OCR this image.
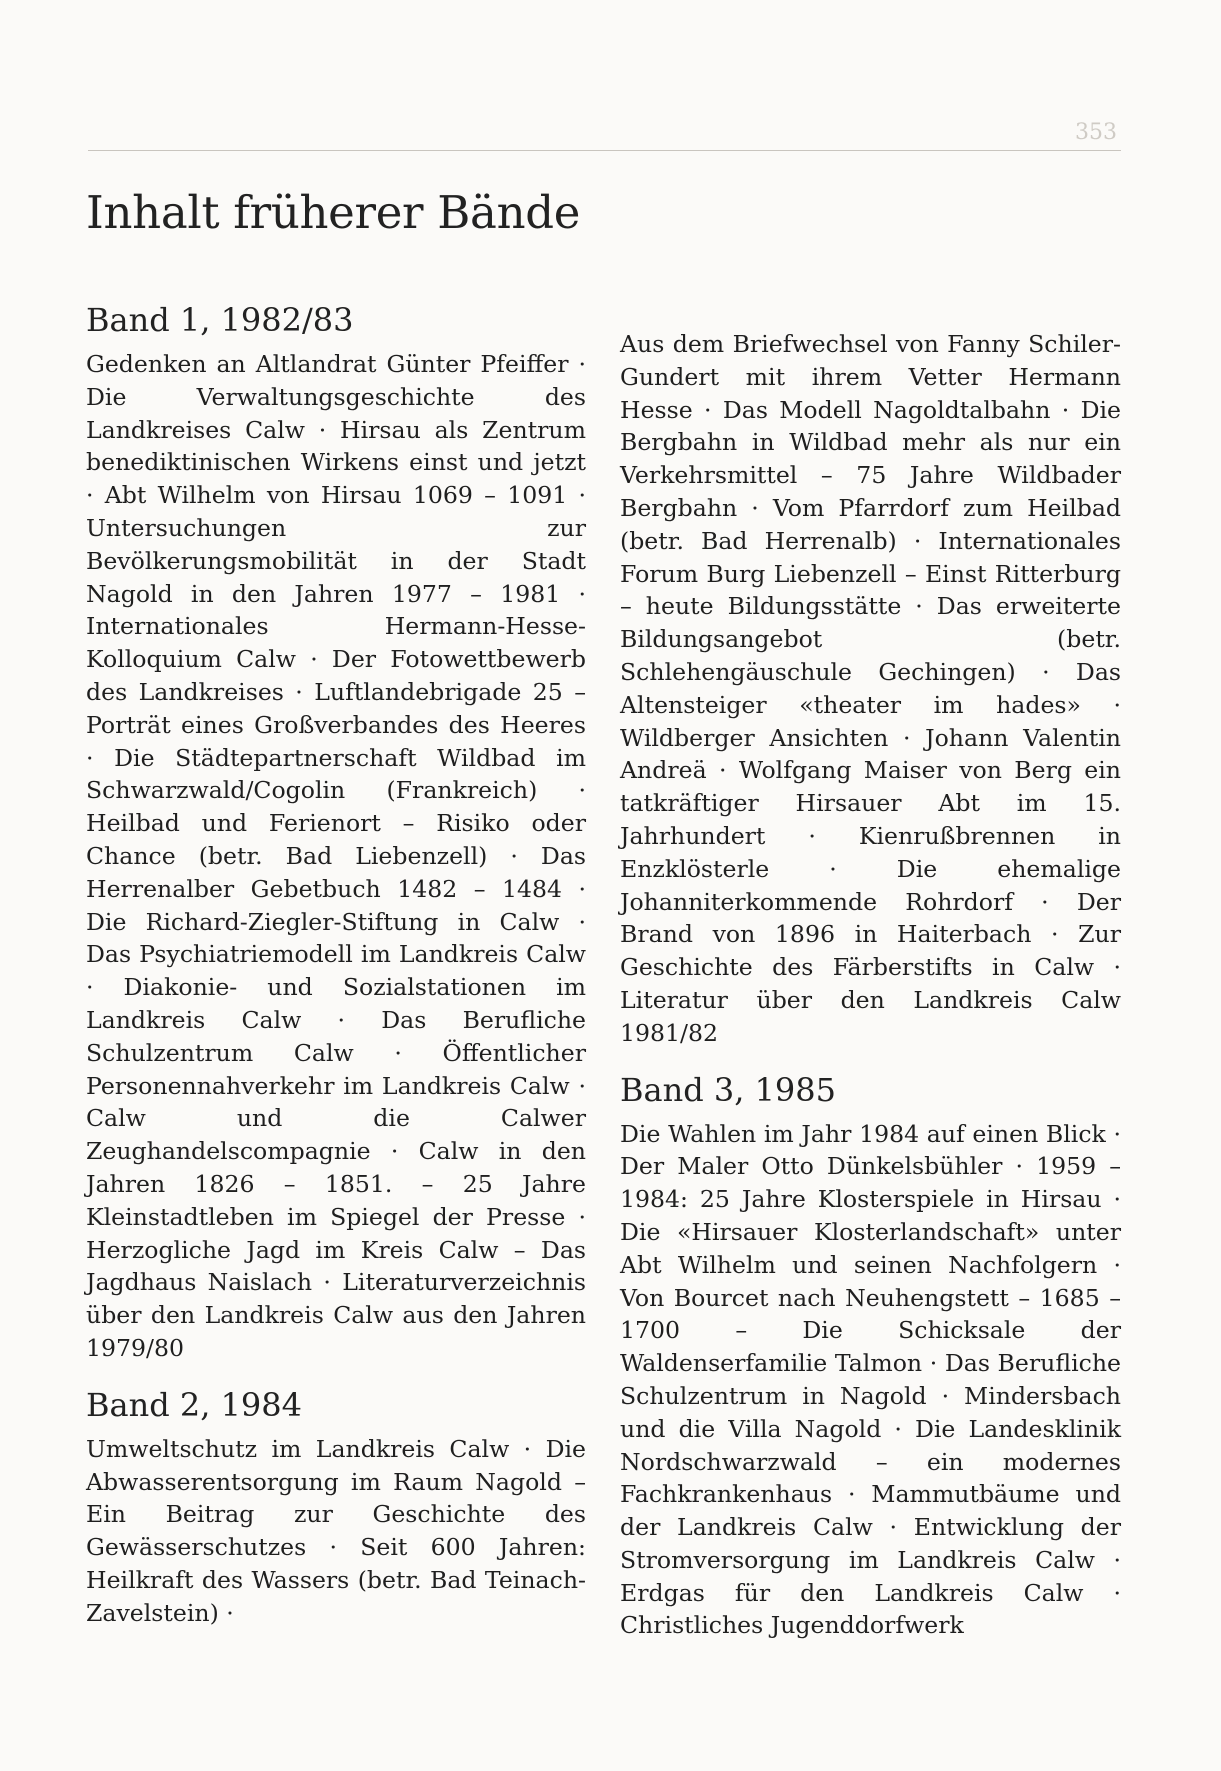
353
Inhalt früherer Bände
Band 1, 1982/83

Gedenken an Altlandrat Günter Pfeiffer · Die Verwaltungsgeschichte des Landkreises Calw · Hirsau als Zentrum benediktinischen Wirkens einst und jetzt · Abt Wilhelm von Hirsau 1069 – 1091 · Untersuchungen zur Bevölkerungsmobilität in der Stadt Nagold in den Jahren 1977 – 1981 · Internationales Hermann-Hesse-Kolloquium Calw · Der Fotowettbewerb des Landkreises · Luftlandebrigade 25 – Porträt eines Großverbandes des Heeres · Die Städtepartnerschaft Wildbad im Schwarzwald/Cogolin (Frankreich) · Heilbad und Ferienort – Risiko oder Chance (betr. Bad Liebenzell) · Das Herrenalber Gebetbuch 1482 – 1484 · Die Richard-Ziegler-Stiftung in Calw · Das Psychiatriemodell im Landkreis Calw · Diakonie- und Sozialstationen im Landkreis Calw · Das Berufliche Schulzentrum Calw · Öffentlicher Personennahverkehr im Landkreis Calw · Calw und die Calwer Zeughandelscompagnie · Calw in den Jahren 1826 – 1851. – 25 Jahre Kleinstadtleben im Spiegel der Presse · Herzogliche Jagd im Kreis Calw – Das Jagdhaus Naislach · Literaturverzeichnis über den Landkreis Calw aus den Jahren 1979/80

Band 2, 1984

Umweltschutz im Landkreis Calw · Die Abwasserentsorgung im Raum Nagold – Ein Beitrag zur Geschichte des Gewässerschutzes · Seit 600 Jahren: Heilkraft des Wassers (betr. Bad Teinach-Zavelstein) ·

Aus dem Briefwechsel von Fanny Schiler-Gundert mit ihrem Vetter Hermann Hesse · Das Modell Nagoldtalbahn · Die Bergbahn in Wildbad mehr als nur ein Verkehrsmittel – 75 Jahre Wildbader Bergbahn · Vom Pfarrdorf zum Heilbad (betr. Bad Herrenalb) · Internationales Forum Burg Liebenzell – Einst Ritterburg – heute Bildungsstätte · Das erweiterte Bildungsangebot (betr. Schlehengäuschule Gechingen) · Das Altensteiger «theater im hades» · Wildberger Ansichten · Johann Valentin Andreä · Wolfgang Maiser von Berg ein tatkräftiger Hirsauer Abt im 15. Jahrhundert · Kienrußbrennen in Enzklösterle · Die ehemalige Johanniterkommende Rohrdorf · Der Brand von 1896 in Haiterbach · Zur Geschichte des Färberstifts in Calw · Literatur über den Landkreis Calw 1981/82

Band 3, 1985

Die Wahlen im Jahr 1984 auf einen Blick · Der Maler Otto Dünkelsbühler · 1959 – 1984: 25 Jahre Klosterspiele in Hirsau · Die «Hirsauer Klosterlandschaft» unter Abt Wilhelm und seinen Nachfolgern · Von Bourcet nach Neuhengstett – 1685 – 1700 – Die Schicksale der Waldenserfamilie Talmon · Das Berufliche Schulzentrum in Nagold · Mindersbach und die Villa Nagold · Die Landesklinik Nordschwarzwald – ein modernes Fachkrankenhaus · Mammutbäume und der Landkreis Calw · Entwicklung der Stromversorgung im Landkreis Calw · Erdgas für den Landkreis Calw · Christliches Jugenddorfwerk
